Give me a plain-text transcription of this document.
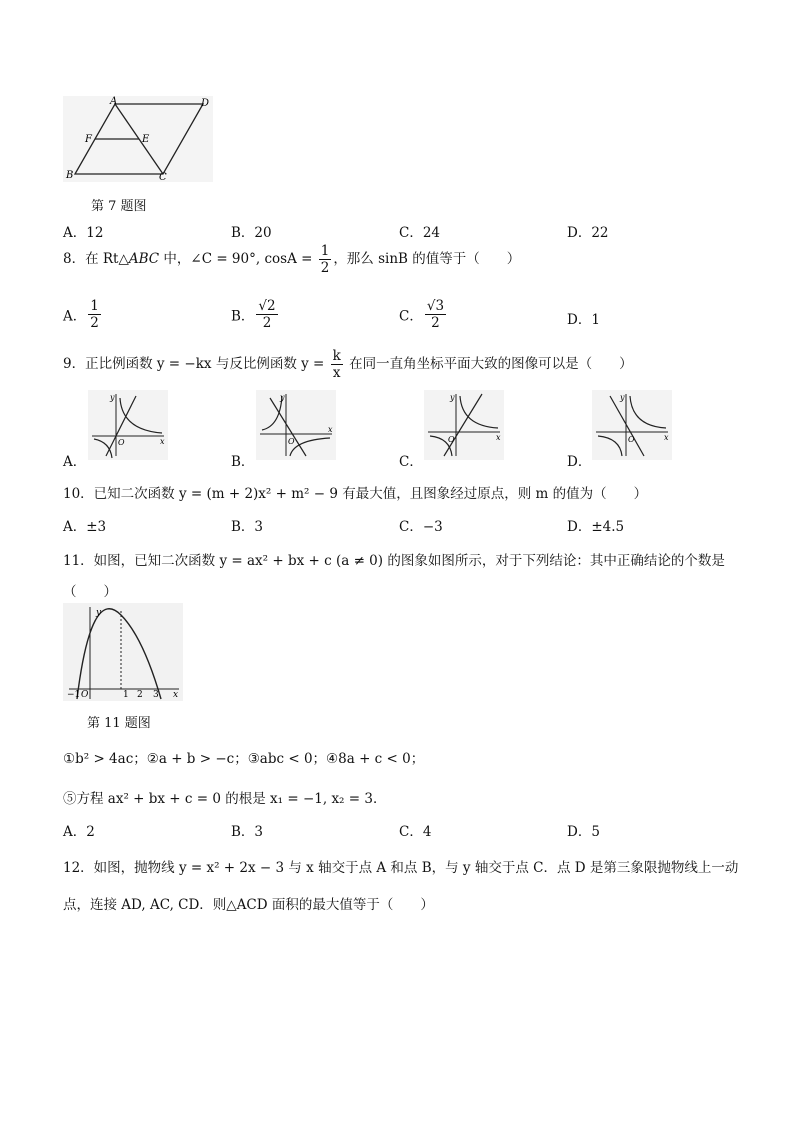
A	D
F	E
B	C
第 7 题图
A．12	B．20	C．24	D．22
8．在 Rt△ABC 中，∠C = 90°, $\cos A = \frac{1}{2}$ ，那么 sinB 的值等于（　　）
A． $\frac{1}{2}$	B． $\frac{√2}{2}$	C． $\frac{√3}{2}$	D．1
9．正比例函数 y = −kx 与反比例函数 $y = \frac{k}{x}$ 在同一直角坐标平面大致的图像可以是（　　）
y
x
O
y
x
O
y
x
O
y
x
O
A．	B．	C．	D．
10．已知二次函数 y = (m + 2)x² + m² − 9 有最大值，且图象经过原点，则 m 的值为（　　）
A．±3	B．3	C．−3	D．±4.5
11．如图，已知二次函数 y = ax² + bx + c (a ≠ 0) 的图象如图所示，对于下列结论：其中正确结论的个数是
（　　）
y
O
−1	1 2 3 x
第 11 题图
①b² > 4ac；②a + b > −c；③abc < 0；④8a + c < 0；
⑤方程 ax² + bx + c = 0 的根是 x₁ = −1, x₂ = 3．
A．2	B．3	C．4	D．5
12．如图，抛物线 y = x² + 2x − 3 与 x 轴交于点 A 和点 B，与 y 轴交于点 C．点 D 是第三象限抛物线上一动
点，连接 AD, AC, CD．则△ACD 面积的最大值等于（　　）
